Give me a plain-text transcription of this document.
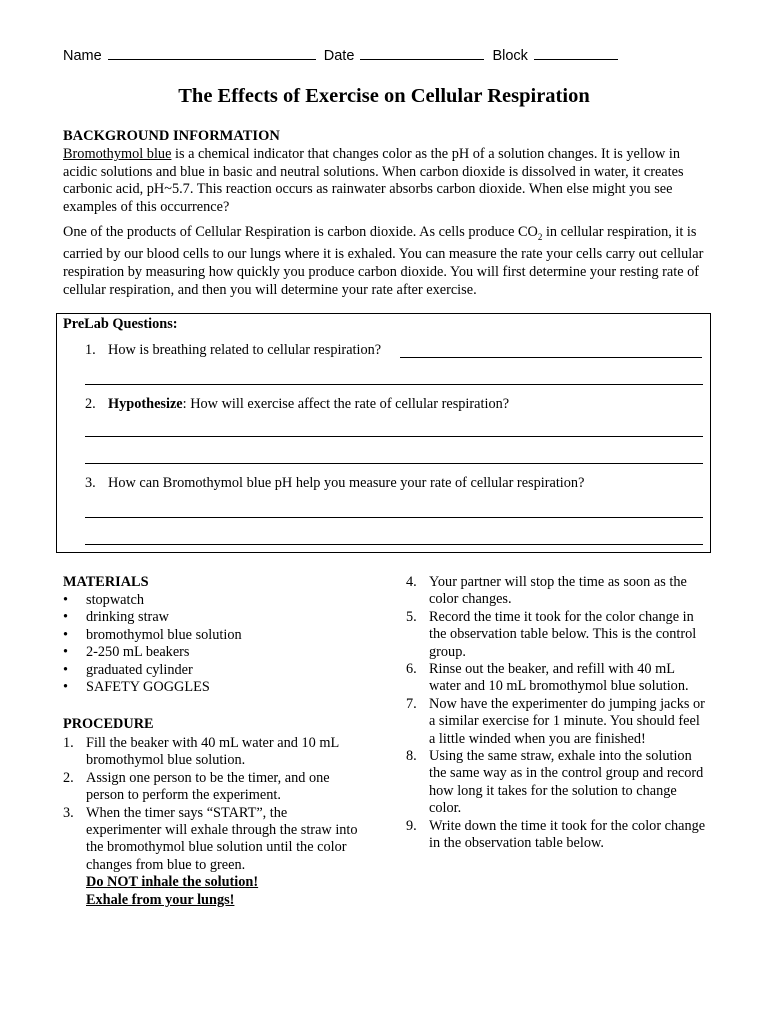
Name	Date	Block
The Effects of Exercise on Cellular Respiration
BACKGROUND INFORMATION
Bromothymol blue is a chemical indicator that changes color as the pH of a solution changes. It is yellow in acidic solutions and blue in basic and neutral solutions. When carbon dioxide is dissolved in water, it creates carbonic acid, pH~5.7. This reaction occurs as rainwater absorbs carbon dioxide. When else might you see examples of this occurrence?
One of the products of Cellular Respiration is carbon dioxide. As cells produce $CO_2$ in cellular respiration, it is carried by our blood cells to our lungs where it is exhaled. You can measure the rate your cells carry out cellular respiration by measuring how quickly you produce carbon dioxide. You will first determine your resting rate of cellular respiration, and then you will determine your rate after exercise.
PreLab Questions:
1. How is breathing related to cellular respiration?
2. Hypothesize: How will exercise affect the rate of cellular respiration?
3. How can Bromothymol blue pH help you measure your rate of cellular respiration?
MATERIALS
• stopwatch
• drinking straw
• bromothymol blue solution
• 2-250 mL beakers
• graduated cylinder
• SAFETY GOGGLES
PROCEDURE
1. Fill the beaker with 40 mL water and 10 mL bromothymol blue solution.
2. Assign one person to be the timer, and one person to perform the experiment.
3. When the timer says “START”, the experimenter will exhale through the straw into the bromothymol blue solution until the color changes from blue to green.
Do NOT inhale the solution!
Exhale from your lungs!
4. Your partner will stop the time as soon as the color changes.
5. Record the time it took for the color change in the observation table below. This is the control group.
6. Rinse out the beaker, and refill with 40 mL water and 10 mL bromothymol blue solution.
7. Now have the experimenter do jumping jacks or a similar exercise for 1 minute. You should feel a little winded when you are finished!
8. Using the same straw, exhale into the solution the same way as in the control group and record how long it takes for the solution to change color.
9. Write down the time it took for the color change in the observation table below.
